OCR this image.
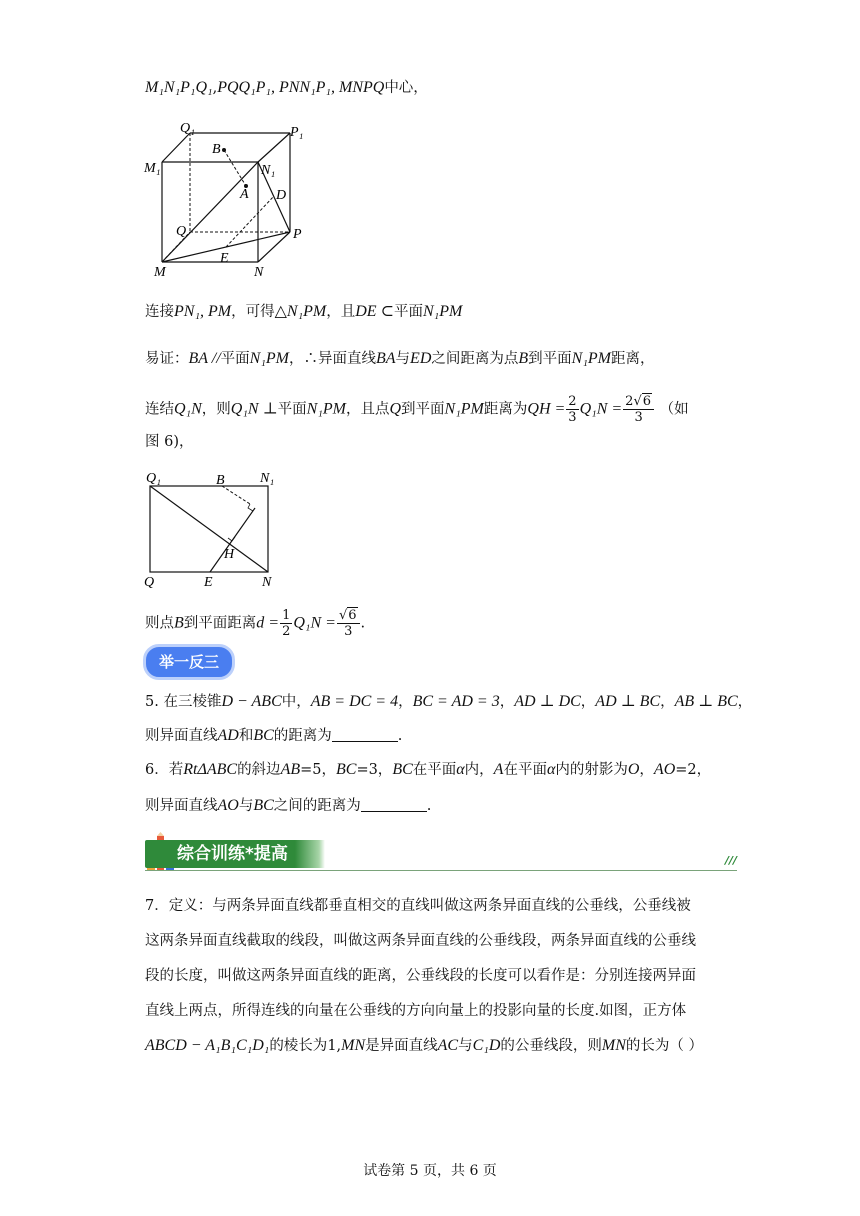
M₁N₁P₁Q₁,PQQ₁P₁, PNN₁P₁, MNPQ中心，
Q₁	P₁
M₁	N₁
B
A D
Q	P
M	N
E
连接PN₁, PM，可得△N₁PM，且DE ⊂平面N₁PM
易证：BA //平面N₁PM，∴异面直线BA与ED之间距离为点B到平面N₁PM距离，
连结Q₁N，则Q₁N ⊥平面N₁PM，且点Q到平面N₁PM距离为QH = $\frac{2}{3} Q_1N = \frac{2√6}{3}$ （如
图 6)，
Q₁	B	N₁
H
Q	E	N
则点B到平面距离$d = \frac{1}{2} Q_1N = \frac{√6}{3}$ .
举一反三
5. 在三棱锥D − ABC中，AB = DC = 4，BC = AD = 3，AD ⊥ DC，AD ⊥ BC，AB ⊥ BC，
则异面直线AD和BC的距离为	.
6．若RtΔABC的斜边AB=5，BC=3，BC在平面α内，A在平面α内的射影为O，AO=2，
则异面直线AO与BC之间的距离为	.
综合训练*提高	///
7．定义：与两条异面直线都垂直相交的直线叫做这两条异面直线的公垂线，公垂线被
这两条异面直线截取的线段，叫做这两条异面直线的公垂线段，两条异面直线的公垂线
段的长度，叫做这两条异面直线的距离，公垂线段的长度可以看作是：分别连接两异面
直线上两点，所得连线的向量在公垂线的方向向量上的投影向量的长度.如图，正方体
ABCD − A₁B₁C₁D₁的棱长为1,MN是异面直线AC与C₁D的公垂线段，则MN的长为（ ）
试卷第 5 页，共 6 页
